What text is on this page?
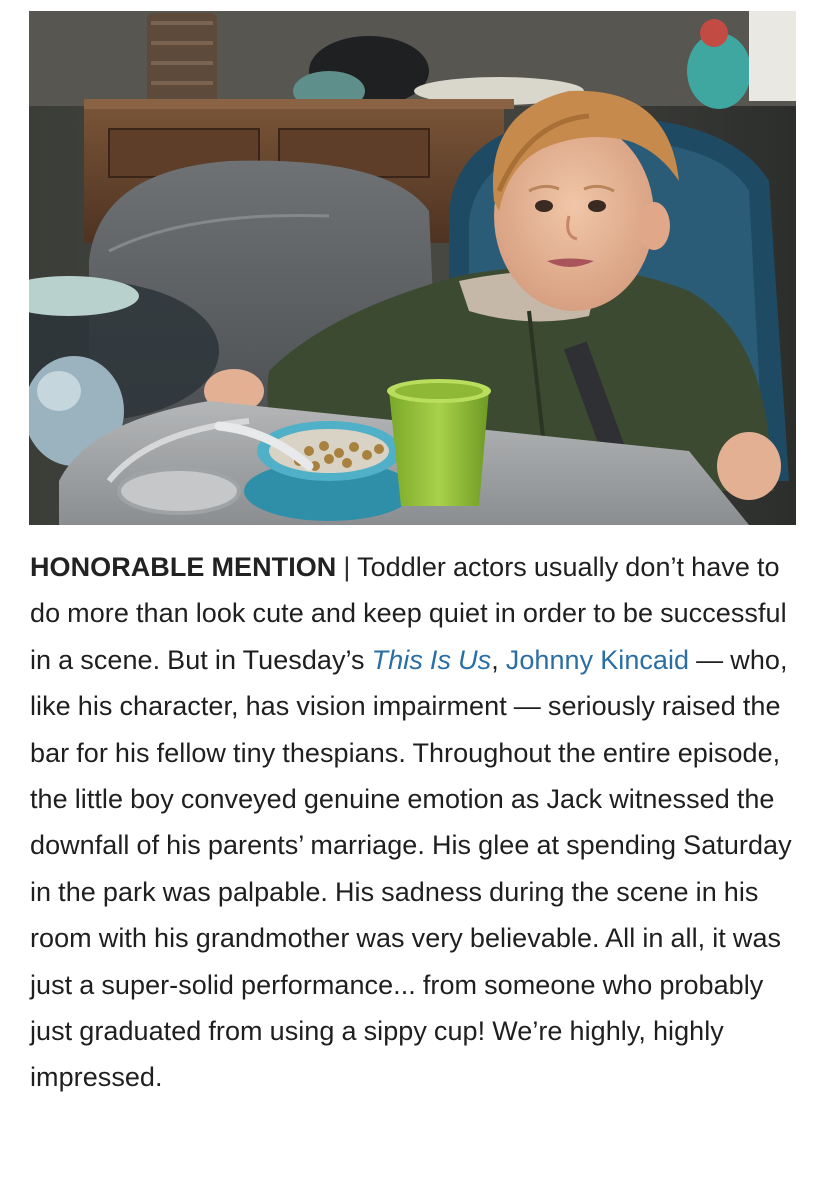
HONORABLE MENTION | Toddler actors usually don’t have to do more than look cute and keep quiet in order to be successful in a scene. But in Tuesday’s This Is Us, Johnny Kincaid — who, like his character, has vision impairment — seriously raised the bar for his fellow tiny thespians. Throughout the entire episode, the little boy conveyed genuine emotion as Jack witnessed the downfall of his parents’ marriage. His glee at spending Saturday in the park was palpable. His sadness during the scene in his room with his grandmother was very believable. All in all, it was just a super-solid performance... from someone who probably just graduated from using a sippy cup! We’re highly, highly impressed.
